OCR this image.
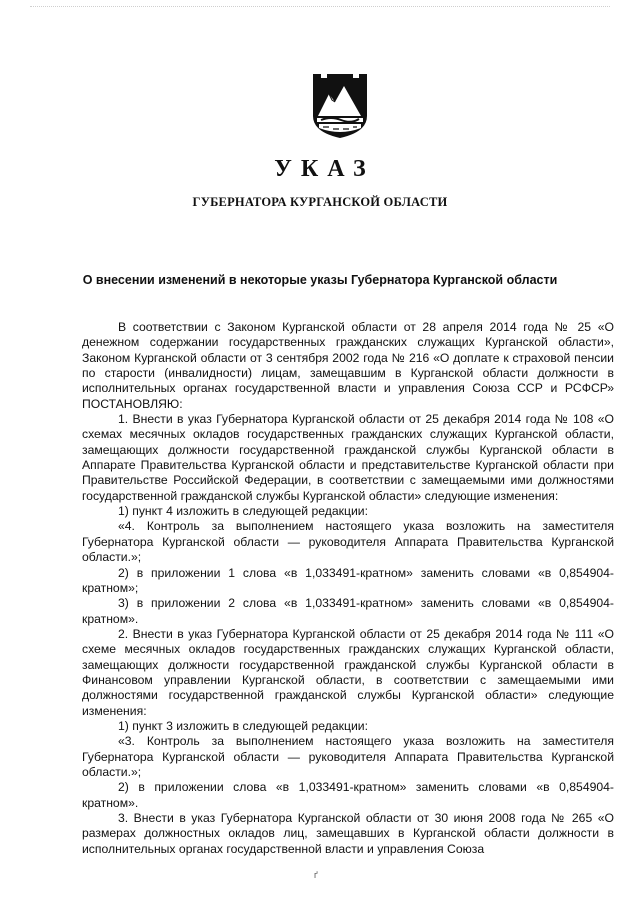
УКАЗ
ГУБЕРНАТОРА КУРГАНСКОЙ ОБЛАСТИ
О внесении изменений в некоторые указы Губернатора Курганской области

В соответствии с Законом Курганской области от 28 апреля 2014 года № 25 «О денежном содержании государственных гражданских служащих Курганской области», Законом Курганской области от 3 сентября 2002 года № 216 «О доплате к страховой пенсии по старости (инвалидности) лицам, замещавшим в Курганской области должности в исполнительных органах государственной власти и управления Союза ССР и РСФСР» ПОСТАНОВЛЯЮ:

1. Внести в указ Губернатора Курганской области от 25 декабря 2014 года № 108 «О схемах месячных окладов государственных гражданских служащих Курганской области, замещающих должности государственной гражданской службы Курганской области в Аппарате Правительства Курганской области и представительстве Курганской области при Правительстве Российской Федерации, в соответствии с замещаемыми ими должностями государственной гражданской службы Курганской области» следующие изменения:

1) пункт 4 изложить в следующей редакции:

«4. Контроль за выполнением настоящего указа возложить на заместителя Губернатора Курганской области — руководителя Аппарата Правительства Курганской области.»;

2) в приложении 1 слова «в 1,033491-кратном» заменить словами «в 0,854904-кратном»;

3) в приложении 2 слова «в 1,033491-кратном» заменить словами «в 0,854904-кратном».

2. Внести в указ Губернатора Курганской области от 25 декабря 2014 года № 111 «О схеме месячных окладов государственных гражданских служащих Курганской области, замещающих должности государственной гражданской службы Курганской области в Финансовом управлении Курганской области, в соответствии с замещаемыми ими должностями государственной гражданской службы Курганской области» следующие изменения:

1) пункт 3 изложить в следующей редакции:

«3. Контроль за выполнением настоящего указа возложить на заместителя Губернатора Курганской области — руководителя Аппарата Правительства Курганской области.»;

2) в приложении слова «в 1,033491-кратном» заменить словами «в 0,854904-кратном».

3. Внести в указ Губернатора Курганской области от 30 июня 2008 года № 265 «О размерах должностных окладов лиц, замещавших в Курганской области должности в исполнительных органах государственной власти и управления Союза

ґ
